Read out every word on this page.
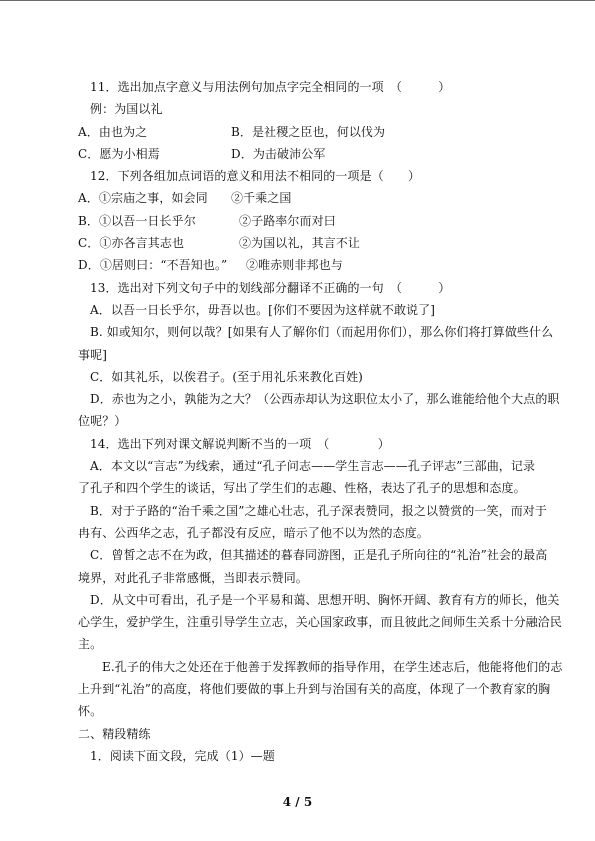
11．选出加点字意义与用法例句加点字完全相同的一项　（　　　）
例：为国以礼
A．由也为之	B．是社稷之臣也，何以伐为
C．愿为小相焉	D．为击破沛公军
12．下列各组加点词语的意义和用法不相同的一项是（　　）
A．①宗庙之事，如会同 ②千乘之国
B．①以吾一日长乎尔	②子路率尔而对曰
C．①亦各言其志也	②为国以礼，其言不让
D．①居则曰：“不吾知也。” ②唯赤则非邦也与
13．选出对下列文句子中的划线部分翻译不正确的一句　（　　　）
A．以吾一日长乎尔，毋吾以也。[你们不要因为这样就不敢说了]
B. 如或知尔，则何以哉？[如果有人了解你们（而起用你们），那么你们将打算做些什么
事呢]
C．如其礼乐，以俟君子。(至于用礼乐来教化百姓)
D．赤也为之小，孰能为之大？（公西赤却认为这职位太小了，那么谁能给他个大点的职
位呢？）
14．选出下列对课文解说判断不当的一项　（　　　　）
A．本文以“言志”为线索，通过“孔子问志——学生言志——孔子评志”三部曲，记录
了孔子和四个学生的谈话，写出了学生们的志趣、性格，表达了孔子的思想和态度。
B．对于子路的“治千乘之国”之雄心壮志，孔子深表赞同，报之以赞赏的一笑，而对于
冉有、公西华之志，孔子都没有反应，暗示了他不以为然的态度。
C．曾皙之志不在为政，但其描述的暮春同游图，正是孔子所向往的“礼治”社会的最高
境界，对此孔子非常感慨，当即表示赞同。
D．从文中可看出，孔子是一个平易和蔼、思想开明、胸怀开阔、教育有方的师长，他关
心学生，爱护学生，注重引导学生立志，关心国家政事，而且彼此之间师生关系十分融洽民
主。
E.孔子的伟大之处还在于他善于发挥教师的指导作用，在学生述志后，他能将他们的志
上升到“礼治”的高度，将他们要做的事上升到与治国有关的高度，体现了一个教育家的胸
怀。
二、精段精练
1．阅读下面文段，完成（1）—题
4 / 5
